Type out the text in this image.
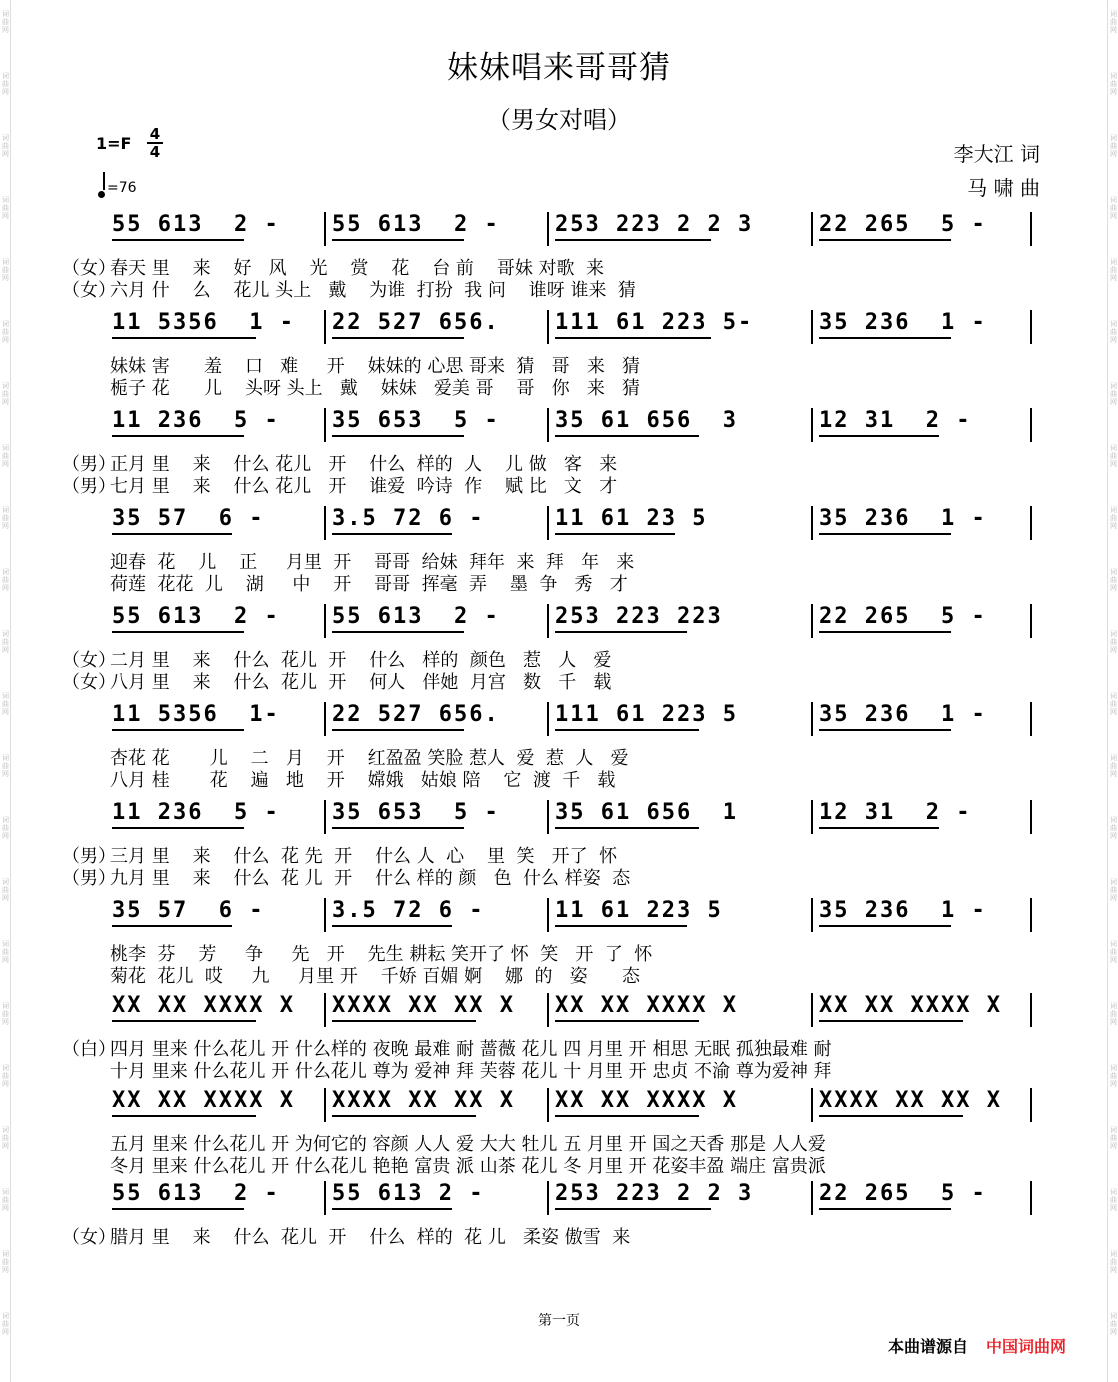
词
曲
网
词
曲
网
词
曲
网
词
曲
网
词
曲
网
词
曲
网
词
曲
网
词
曲
网
词
曲
网
词
曲
网
词
曲
网
词
曲
网
词
曲
网
词
曲
网
词
曲
网
词
曲
网
词
曲
网
词
曲
网
词
曲
网
词
曲
网
词
曲
网
词
曲
网
词
曲
网
词
曲
网
词
曲
网
词
曲
网
词
曲
网
词
曲
网
词
曲
网
词
曲
网
词
曲
网
词
曲
网
词
曲
网
词
曲
网
词
曲
网
词
曲
网
词
曲
网
词
曲
网
词
曲
网
词
曲
网
词
曲
网
词
曲
网
词
曲
网
词
曲
网
妹妹唱来哥哥猜
（男女对唱）
$1=F \frac{4}{4}$
=76
李大江 词
马 啸 曲
55 613  2 - 55 613  2 -	253 223 2 2 3	22 265  5 -
（女）
春天 里    来    好   风    光    赏    花    台 前    哥妹 对歌  来
（女）
六月 什    么    花儿 头上   戴    为谁  打扮  我 问    谁呀 谁来  猜
11 5356  1 - 22 527 656.	111 61 223 5-	35 236  1 -
妹妹 害      羞    口   难     开    妹妹的 心思 哥来  猜   哥   来   猜
栀子 花      儿    头呀 头上   戴    妹妹   爱美 哥    哥   你   来   猜
11 236  5 - 35 653  5 -	35 61 656  3	12 31  2 -
（男）
正月 里    来    什么 花儿   开    什么  样的  人    儿 做   客   来
（男）
七月 里    来    什么 花儿   开    谁爱  吟诗  作    赋 比   文   才
35 57  6 -	3.5 72 6 -	11 61 23 5	35 236  1 -
迎春  花    儿    正     月里  开    哥哥  给妹  拜年  来  拜   年   来
荷莲  花花  儿    湖     中    开    哥哥  挥毫  弄    墨  争   秀   才
55 613  2 - 55 613  2 -	253 223 223	22 265  5 -
（女）
二月 里    来    什么  花儿  开    什么   样的  颜色   惹   人   爱
（女）
八月 里    来    什么  花儿  开    何人   伴她  月宫   数   千   载
11 5356  1- 22 527 656.	111 61 223 5	35 236  1 -
杏花 花       儿    二   月    开    红盈盈 笑脸 惹人  爱  惹  人   爱
八月 桂       花    遍   地    开    嫦娥   姑娘 陪    它  渡  千   载
11 236  5 - 35 653  5 -	35 61 656  1	12 31  2 -
（男）
三月 里    来    什么  花 先  开    什么 人  心    里  笑   开了  怀
（男）
九月 里    来    什么  花 儿  开    什么 样的 颜   色  什么 样姿  态
35 57  6 -	3.5 72 6 -	11 61 223 5	35 236  1 -
桃李  芬    芳     争     先   开    先生 耕耘 笑开了 怀  笑   开  了  怀
菊花  花儿  哎     九     月里 开    千娇 百媚 婀    娜  的   姿      态
XX XX XXXX X XXXX XX XX X XX XX XXXX X	XX XX XXXX X
（白）
四月 里来 什么花儿 开 什么样的 夜晚 最难 耐 蔷薇 花儿 四 月里 开 相思 无眠 孤独最难 耐
十月 里来 什么花儿 开 什么花儿 尊为 爱神 拜 芙蓉 花儿 十 月里 开 忠贞 不渝 尊为爱神 拜
XX XX XXXX X XXXX XX XX X XX XX XXXX X	XXXX XX XX X
五月 里来 什么花儿 开 为何它的 容颜 人人 爱 大大 牡儿 五 月里 开 国之天香 那是 人人爱
冬月 里来 什么花儿 开 什么花儿 艳艳 富贵 派 山茶 花儿 冬 月里 开 花姿丰盈 端庄 富贵派
55 613  2 - 55 613 2 -	253 223 2 2 3	22 265  5 -
（女）
腊月 里    来    什么  花儿  开    什么  样的  花 儿   柔姿 傲雪  来
第一页
本曲谱源自 中国词曲网
